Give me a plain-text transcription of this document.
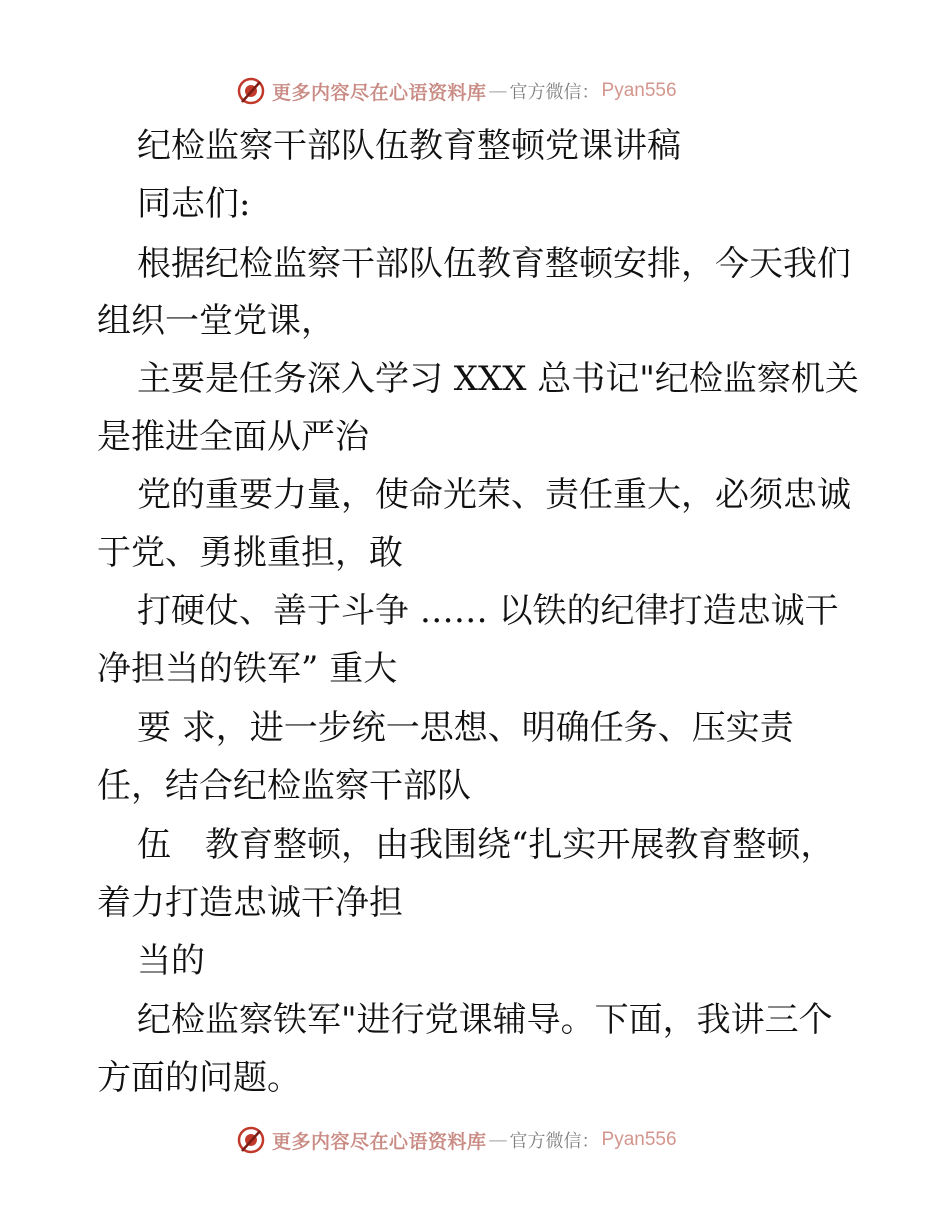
更多内容尽在心语资料库 — 官方微信： Pyan556
纪检监察干部队伍教育整顿党课讲稿
同志们:
根据纪检监察干部队伍教育整顿安排，今天我们
组织一堂党课，
主要是任务深入学习 XXX 总书记"纪检监察机关
是推进全面从严治
党的重要力量，使命光荣、责任重大，必须忠诚
于党、勇挑重担，敢
打硬仗、善于斗争 …… 以铁的纪律打造忠诚干
净担当的铁军” 重大
要 求，进一步统一思想、明确任务、压实责
任，结合纪检监察干部队
伍　教育整顿，由我围绕“扎实开展教育整顿，
着力打造忠诚干净担
当的
纪检监察铁军"进行党课辅导。下面，我讲三个
方面的问题。
更多内容尽在心语资料库 — 官方微信： Pyan556
